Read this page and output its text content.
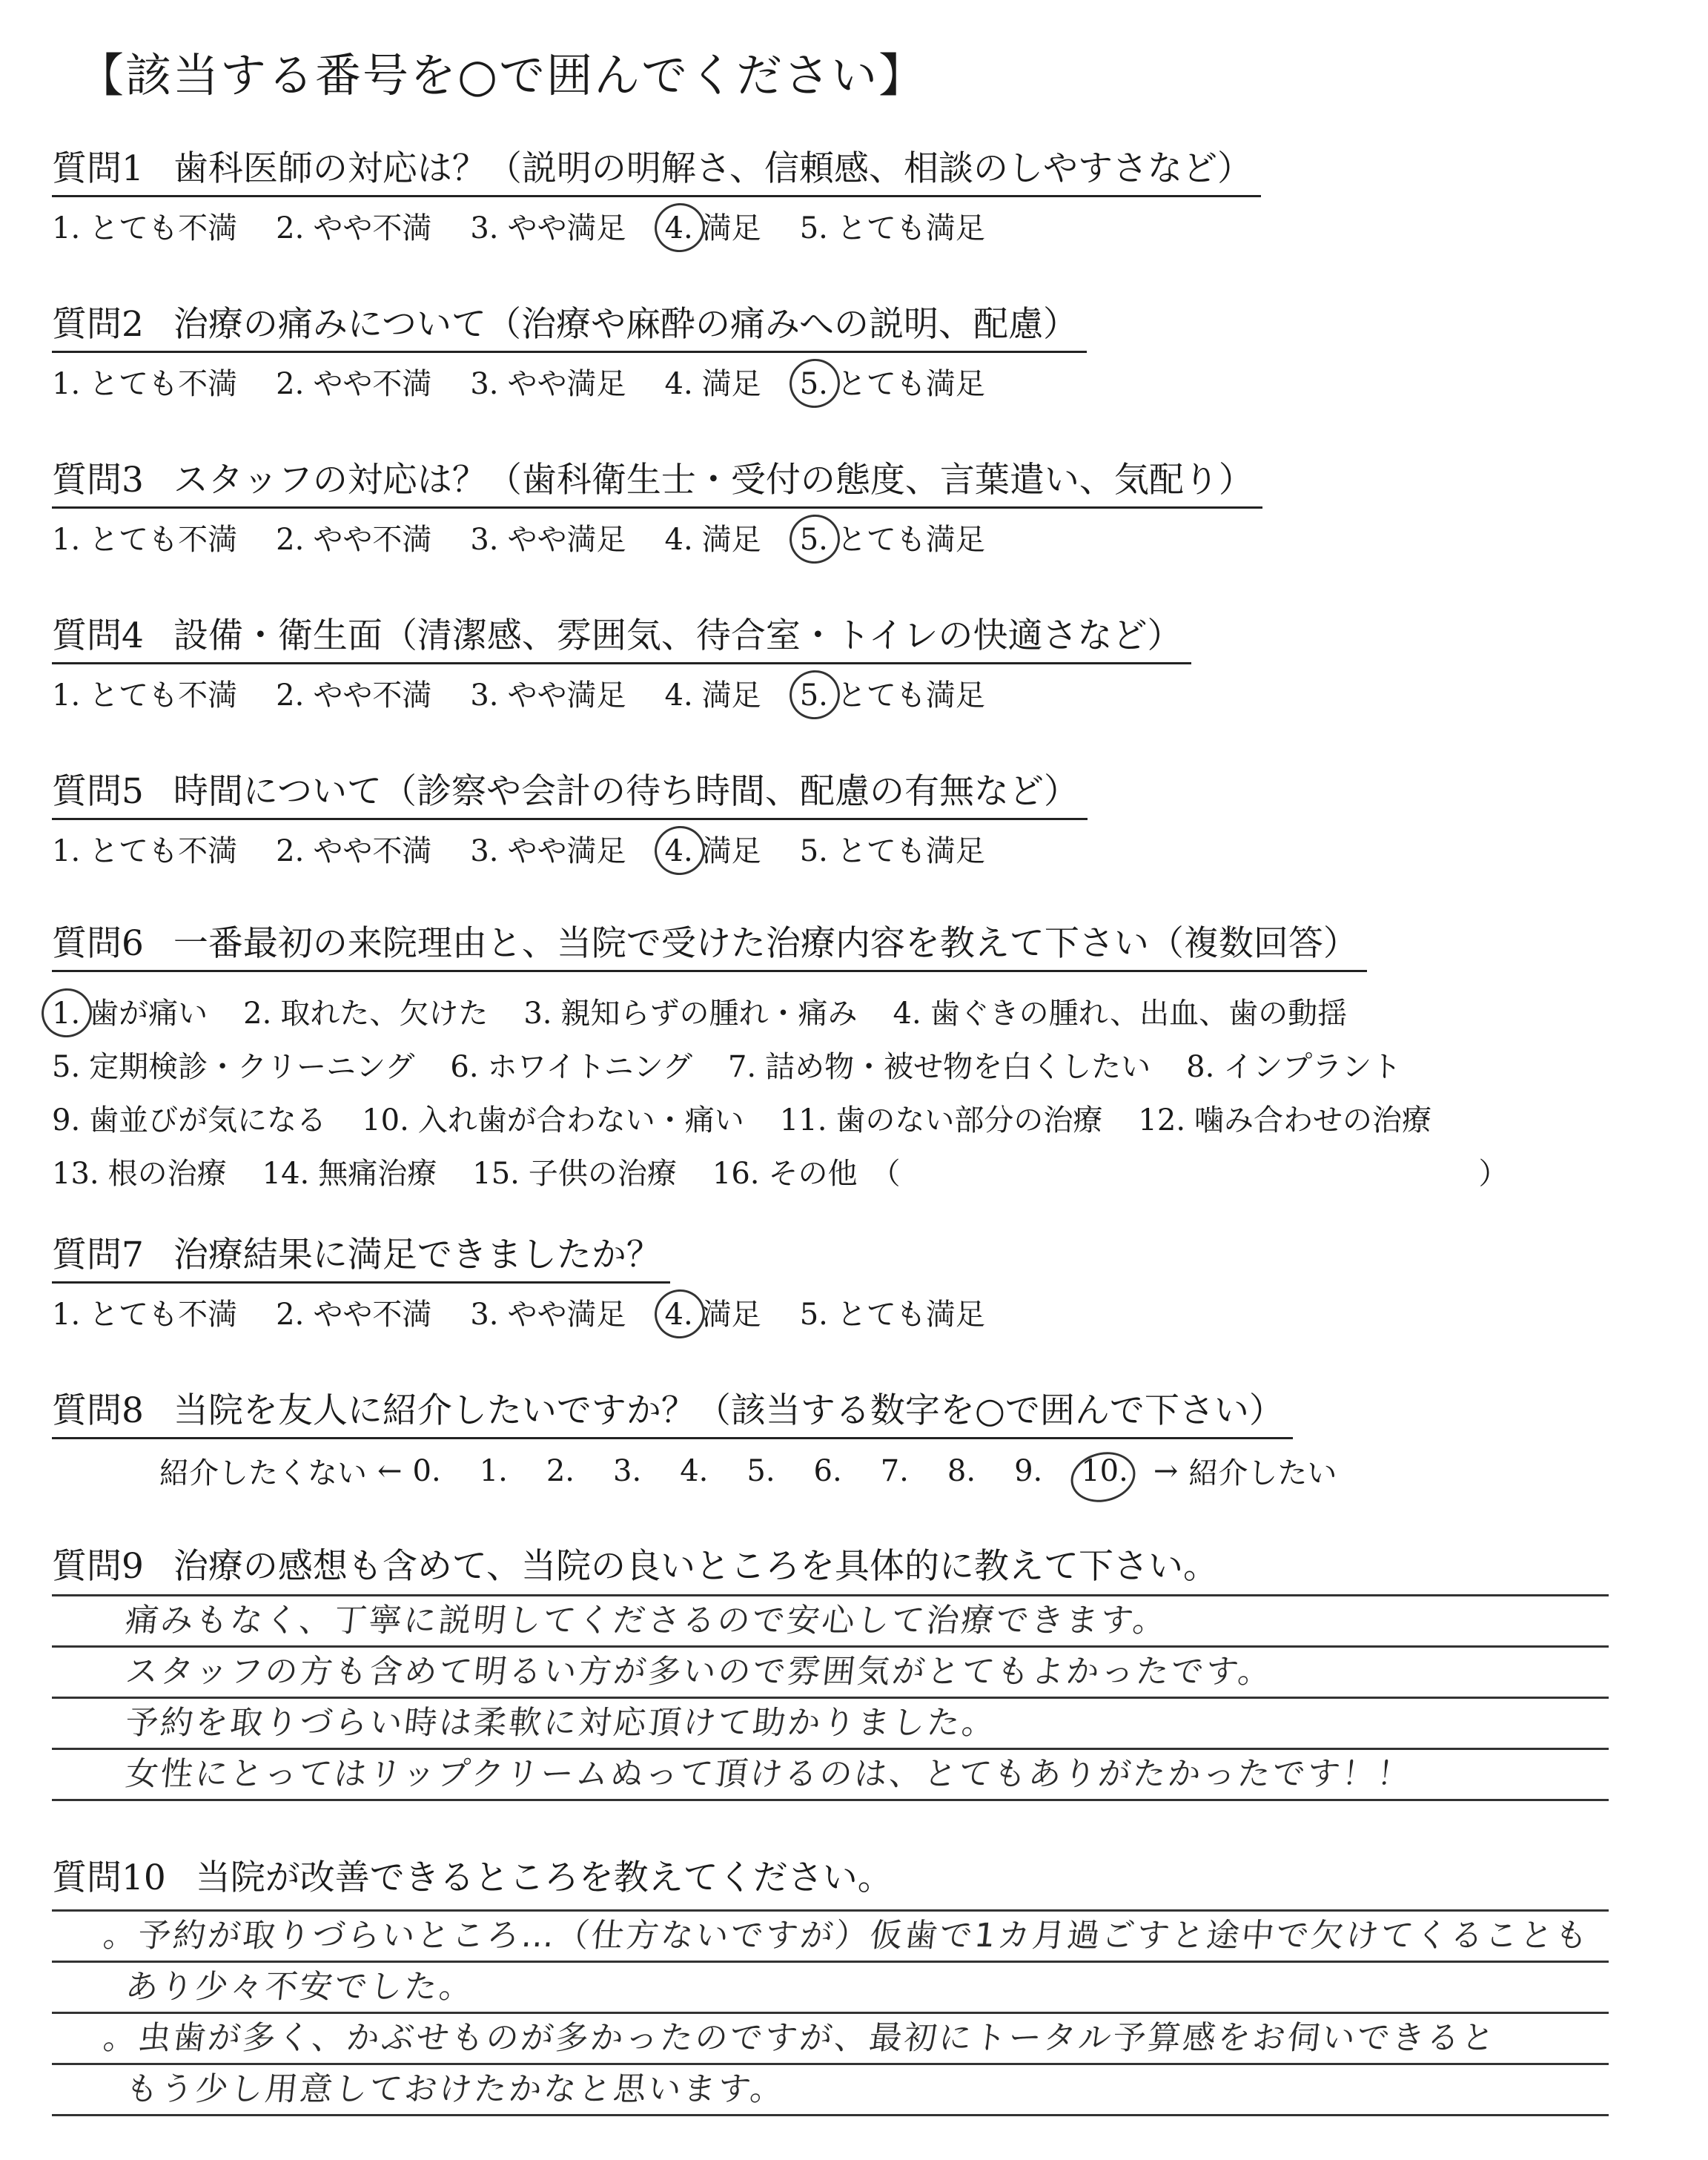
【該当する番号を○で囲んでください】
質問1 歯科医師の対応は？（説明の明解さ、信頼感、相談のしやすさなど）
1. とても不満 2. やや不満 3. やや満足 4. 満足 5. とても満足
質問2 治療の痛みについて（治療や麻酔の痛みへの説明、配慮）
1. とても不満 2. やや不満 3. やや満足 4. 満足 5. とても満足
質問3 スタッフの対応は？（歯科衛生士・受付の態度、言葉遣い、気配り）
1. とても不満 2. やや不満 3. やや満足 4. 満足 5. とても満足
質問4 設備・衛生面（清潔感、雰囲気、待合室・トイレの快適さなど）
1. とても不満 2. やや不満 3. やや満足 4. 満足 5. とても満足
質問5 時間について（診察や会計の待ち時間、配慮の有無など）
1. とても不満 2. やや不満 3. やや満足 4. 満足 5. とても満足
質問6 一番最初の来院理由と、当院で受けた治療内容を教えて下さい（複数回答）
1. 歯が痛い 2. 取れた、欠けた 3. 親知らずの腫れ・痛み 4. 歯ぐきの腫れ、出血、歯の動揺
5. 定期検診・クリーニング 6. ホワイトニング 7. 詰め物・被せ物を白くしたい 8. インプラント
9. 歯並びが気になる 10. 入れ歯が合わない・痛い 11. 歯のない部分の治療 12. 噛み合わせの治療
13. 根の治療 14. 無痛治療 15. 子供の治療 16. その他 （	）
質問7 治療結果に満足できましたか？
1. とても不満 2. やや不満 3. やや満足 4. 満足 5. とても満足
質問8 当院を友人に紹介したいですか？（該当する数字を○で囲んで下さい）
紹介したくない ← 0. 1. 2. 3. 4. 5. 6. 7. 8. 9. 10. → 紹介したい
質問9 治療の感想も含めて、当院の良いところを具体的に教えて下さい。
痛みもなく、丁寧に説明してくださるので安心して治療できます。
スタッフの方も含めて明るい方が多いので雰囲気がとてもよかったです。
予約を取りづらい時は柔軟に対応頂けて助かりました。
女性にとってはリップクリームぬって頂けるのは、とてもありがたかったです！！
質問10 当院が改善できるところを教えてください。
。予約が取りづらいところ…（仕方ないですが）仮歯で1カ月過ごすと途中で欠けてくることも
あり少々不安でした。
。虫歯が多く、かぶせものが多かったのですが、最初にトータル予算感をお伺いできると
もう少し用意しておけたかなと思います。
